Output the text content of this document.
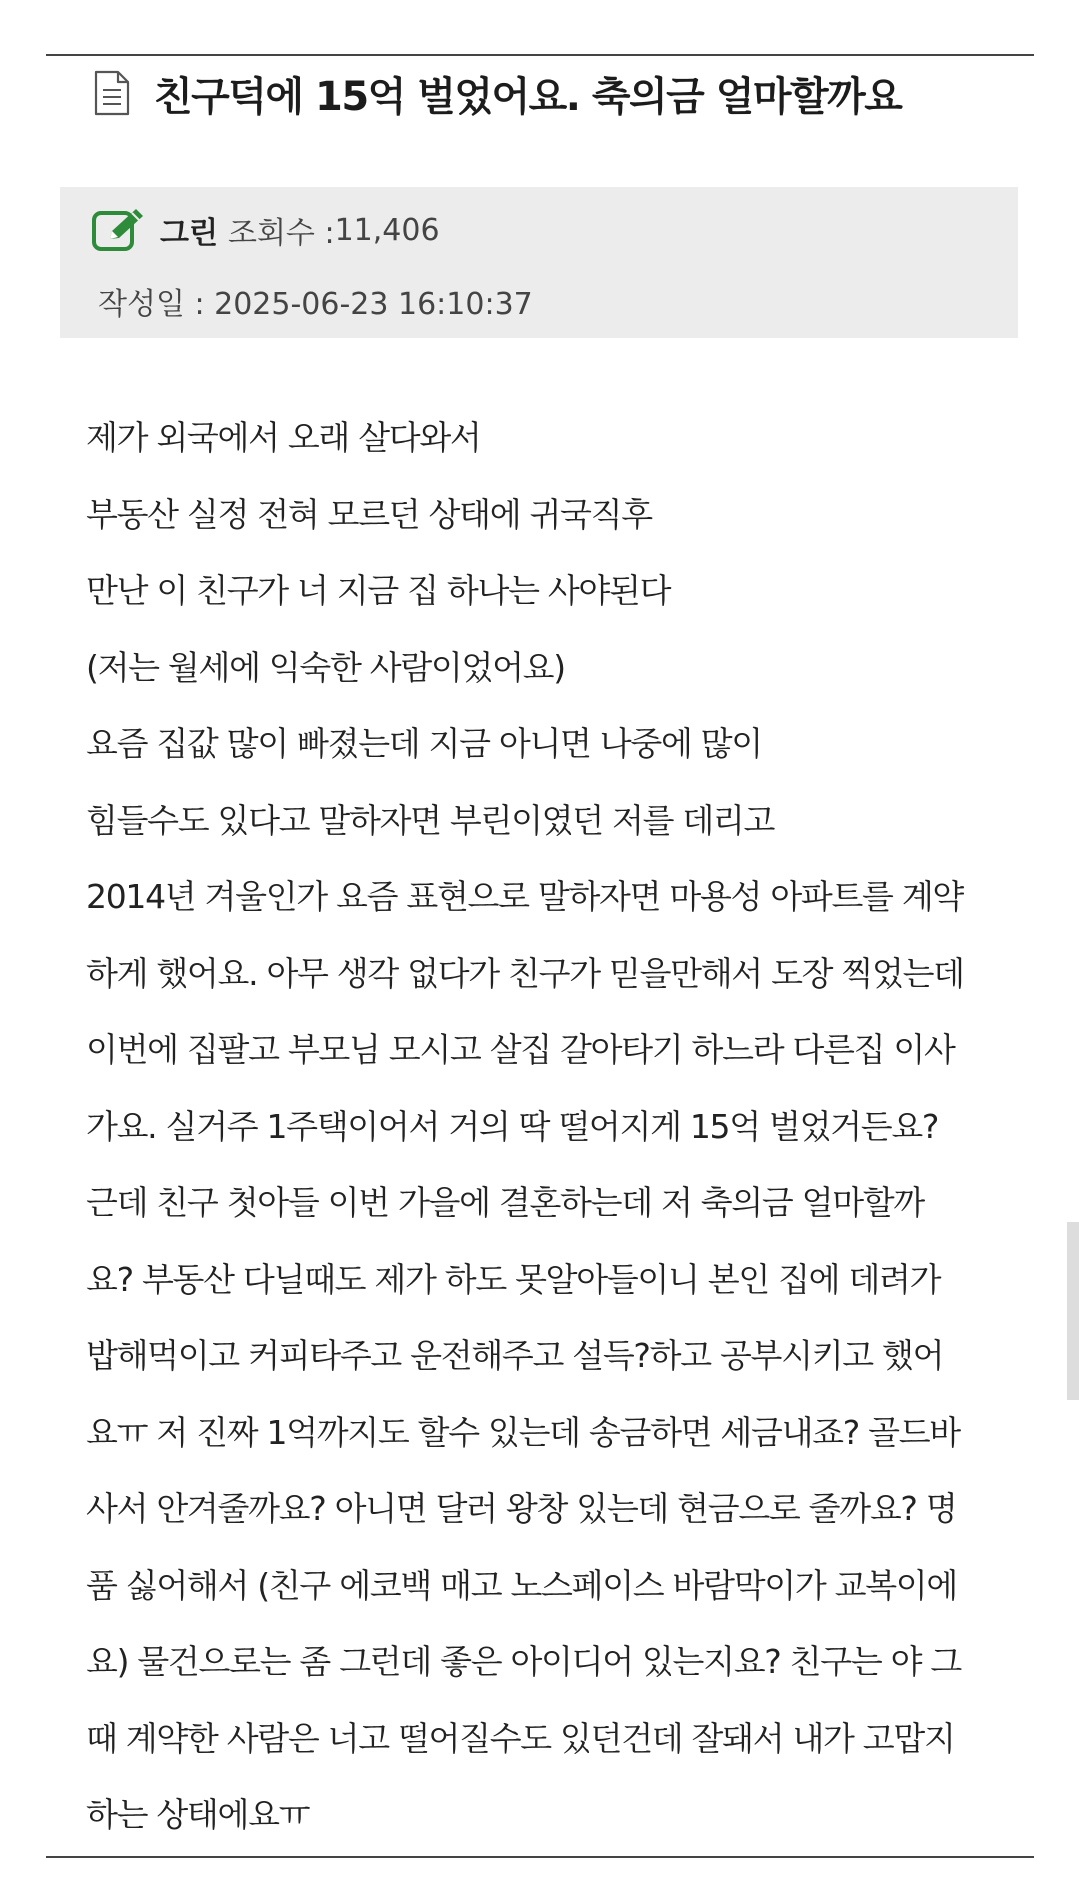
친구덕에 15억 벌었어요. 축의금 얼마할까요
그린 조회수 : 11,406
작성일 : 2025-06-23 16:10:37
제가 외국에서 오래 살다와서
부동산 실정 전혀 모르던 상태에 귀국직후
만난 이 친구가 너 지금 집 하나는 사야된다
(저는 월세에 익숙한 사람이었어요)
요즘 집값 많이 빠졌는데 지금 아니면 나중에 많이
힘들수도 있다고 말하자면 부린이였던 저를 데리고
2014년 겨울인가 요즘 표현으로 말하자면 마용성 아파트를 계약
하게 했어요. 아무 생각 없다가 친구가 믿을만해서 도장 찍었는데
이번에 집팔고 부모님 모시고 살집 갈아타기 하느라 다른집 이사
가요. 실거주 1주택이어서 거의 딱 떨어지게 15억 벌었거든요?
근데 친구 첫아들 이번 가을에 결혼하는데 저 축의금 얼마할까
요? 부동산 다닐때도 제가 하도 못알아들이니 본인 집에 데려가
밥해먹이고 커피타주고 운전해주고 설득?하고 공부시키고 했어
요ㅠ 저 진짜 1억까지도 할수 있는데 송금하면 세금내죠? 골드바
사서 안겨줄까요? 아니면 달러 왕창 있는데 현금으로 줄까요? 명
품 싫어해서 (친구 에코백 매고 노스페이스 바람막이가 교복이에
요) 물건으로는 좀 그런데 좋은 아이디어 있는지요? 친구는 야 그
때 계약한 사람은 너고 떨어질수도 있던건데 잘돼서 내가 고맙지
하는 상태에요ㅠ
